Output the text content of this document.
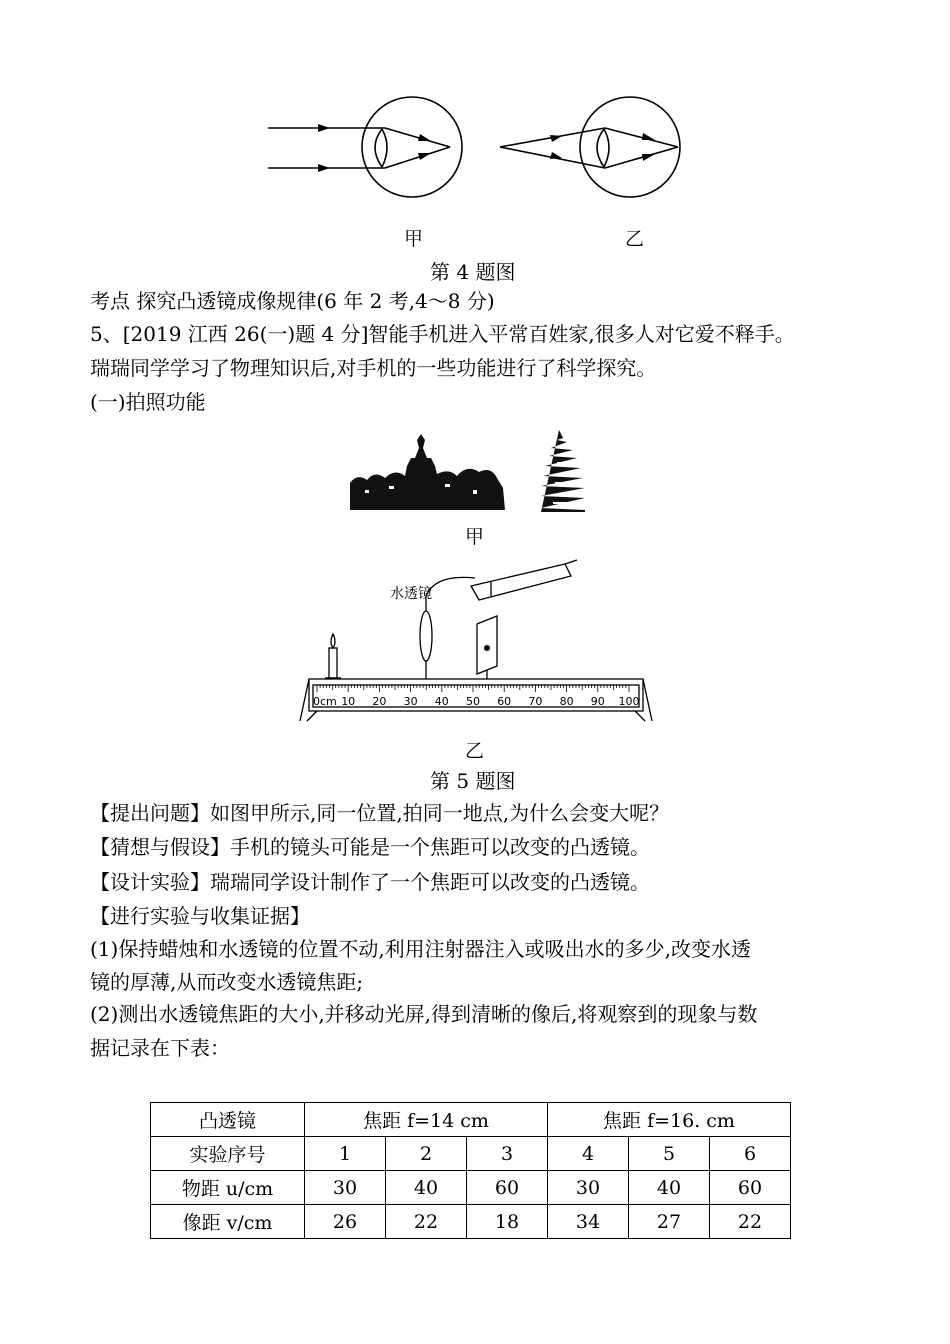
甲	乙
第 4 题图
考点 探究凸透镜成像规律(6 年 2 考,4～8 分)
5、[2019 江西 26(一)题 4 分]智能手机进入平常百姓家,很多人对它爱不释手。
瑞瑞同学学习了物理知识后,对手机的一些功能进行了科学探究。
(一)拍照功能
甲
0cm 10 20 30 40 50 60 70 80 90 100
水透镜
乙
第 5 题图
【提出问题】如图甲所示,同一位置,拍同一地点,为什么会变大呢？
【猜想与假设】手机的镜头可能是一个焦距可以改变的凸透镜。
【设计实验】瑞瑞同学设计制作了一个焦距可以改变的凸透镜。
【进行实验与收集证据】
(1)保持蜡烛和水透镜的位置不动,利用注射器注入或吸出水的多少,改变水透
镜的厚薄,从而改变水透镜焦距;
(2)测出水透镜焦距的大小,并移动光屏,得到清晰的像后,将观察到的现象与数
据记录在下表：
凸透镜	焦距 f=14 cm			焦距 f=16. cm		
实验序号	1	2	3	4	5	6
物距 u/cm	30	40	60	30	40	60
像距 v/cm	26	22	18	34	27	22
